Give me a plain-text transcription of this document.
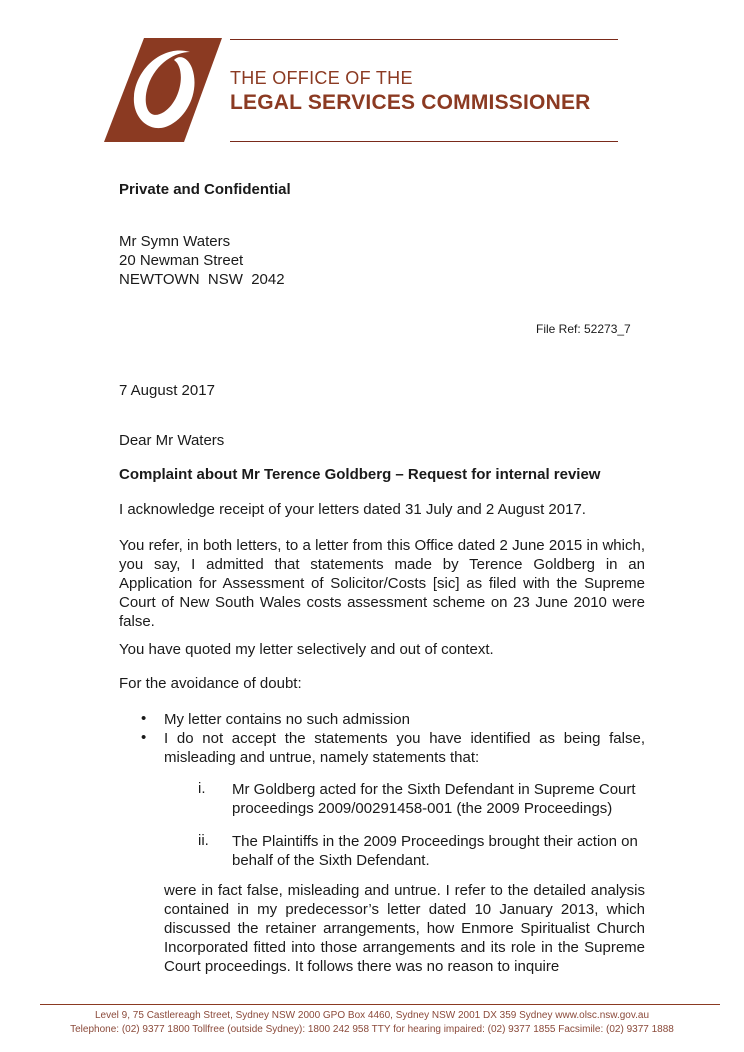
THE OFFICE OF THE
LEGAL SERVICES COMMISSIONER
Private and Confidential
Mr Symn Waters
20 Newman Street
NEWTOWN  NSW  2042
File Ref: 52273_7
7 August 2017
Dear Mr Waters
Complaint about Mr Terence Goldberg – Request for internal review
I acknowledge receipt of your letters dated 31 July and 2 August 2017.
You refer, in both letters, to a letter from this Office dated 2 June 2015 in which, you say, I admitted that statements made by Terence Goldberg in an Application for Assessment of Solicitor/Costs [sic] as filed with the Supreme Court of New South Wales costs assessment scheme on 23 June 2010 were false.
You have quoted my letter selectively and out of context.
For the avoidance of doubt:
• My letter contains no such admission
• I do not accept the statements you have identified as being false, misleading and untrue, namely statements that:
i. Mr Goldberg acted for the Sixth Defendant in Supreme Court proceedings 2009/00291458-001 (the 2009 Proceedings)
ii. The Plaintiffs in the 2009 Proceedings brought their action on behalf of the Sixth Defendant.
were in fact false, misleading and untrue. I refer to the detailed analysis contained in my predecessor’s letter dated 10 January 2013, which discussed the retainer arrangements, how Enmore Spiritualist Church Incorporated fitted into those arrangements and its role in the Supreme Court proceedings. It follows there was no reason to inquire
Level 9, 75 Castlereagh Street, Sydney NSW 2000 GPO Box 4460, Sydney NSW 2001 DX 359 Sydney www.olsc.nsw.gov.au
Telephone: (02) 9377 1800 Tollfree (outside Sydney): 1800 242 958 TTY for hearing impaired: (02) 9377 1855 Facsimile: (02) 9377 1888
